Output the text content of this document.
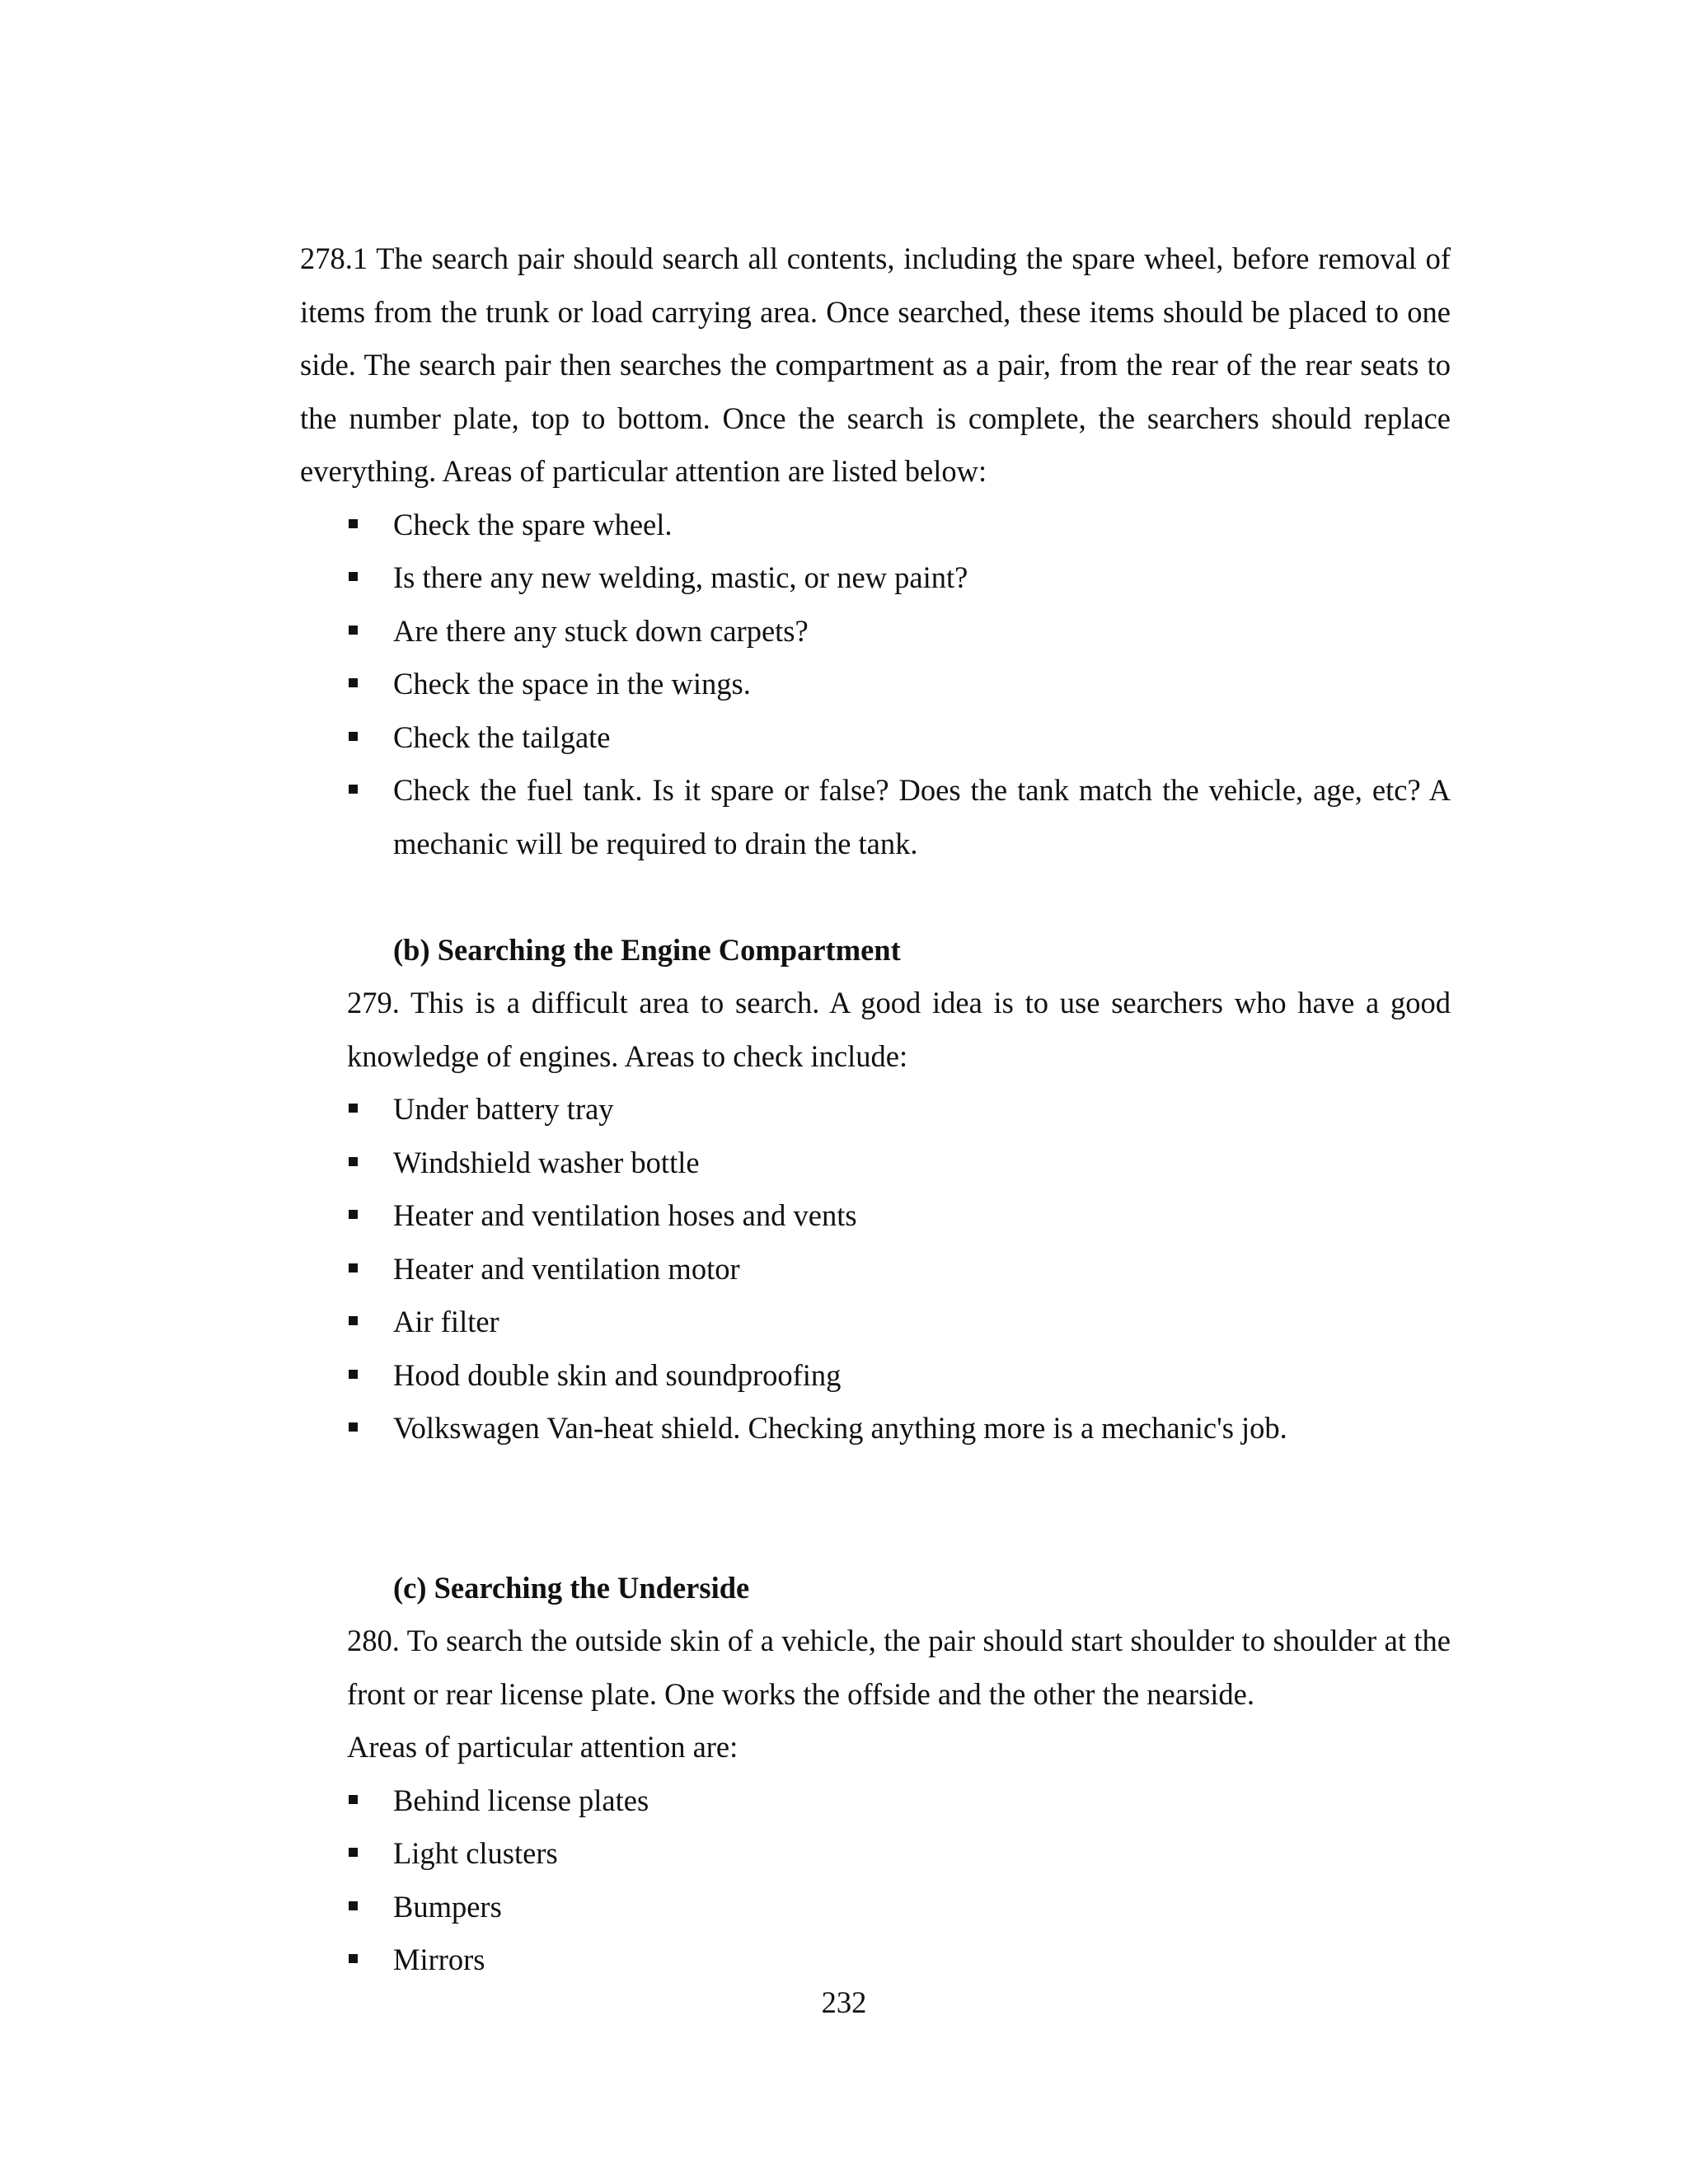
278.1 The search pair should search all contents, including the spare wheel, before removal of items from the trunk or load carrying area. Once searched, these items should be placed to one side. The search pair then searches the compartment as a pair, from the rear of the rear seats to the number plate, top to bottom. Once the search is complete, the searchers should replace everything. Areas of particular attention are listed below:

Check the spare wheel.
Is there any new welding, mastic, or new paint?
Are there any stuck down carpets?
Check the space in the wings.
Check the tailgate
Check the fuel tank. Is it spare or false? Does the tank match the vehicle, age, etc? A mechanic will be required to drain the tank.

(b) Searching the Engine Compartment

279. This is a difficult area to search. A good idea is to use searchers who have a good knowledge of engines. Areas to check include:

Under battery tray
Windshield washer bottle
Heater and ventilation hoses and vents
Heater and ventilation motor
Air filter
Hood double skin and soundproofing
Volkswagen Van-heat shield. Checking anything more is a mechanic's job.

(c) Searching the Underside

280. To search the outside skin of a vehicle, the pair should start shoulder to shoulder at the front or rear license plate. One works the offside and the other the nearside.

Areas of particular attention are:

Behind license plates
Light clusters
Bumpers
Mirrors
232
